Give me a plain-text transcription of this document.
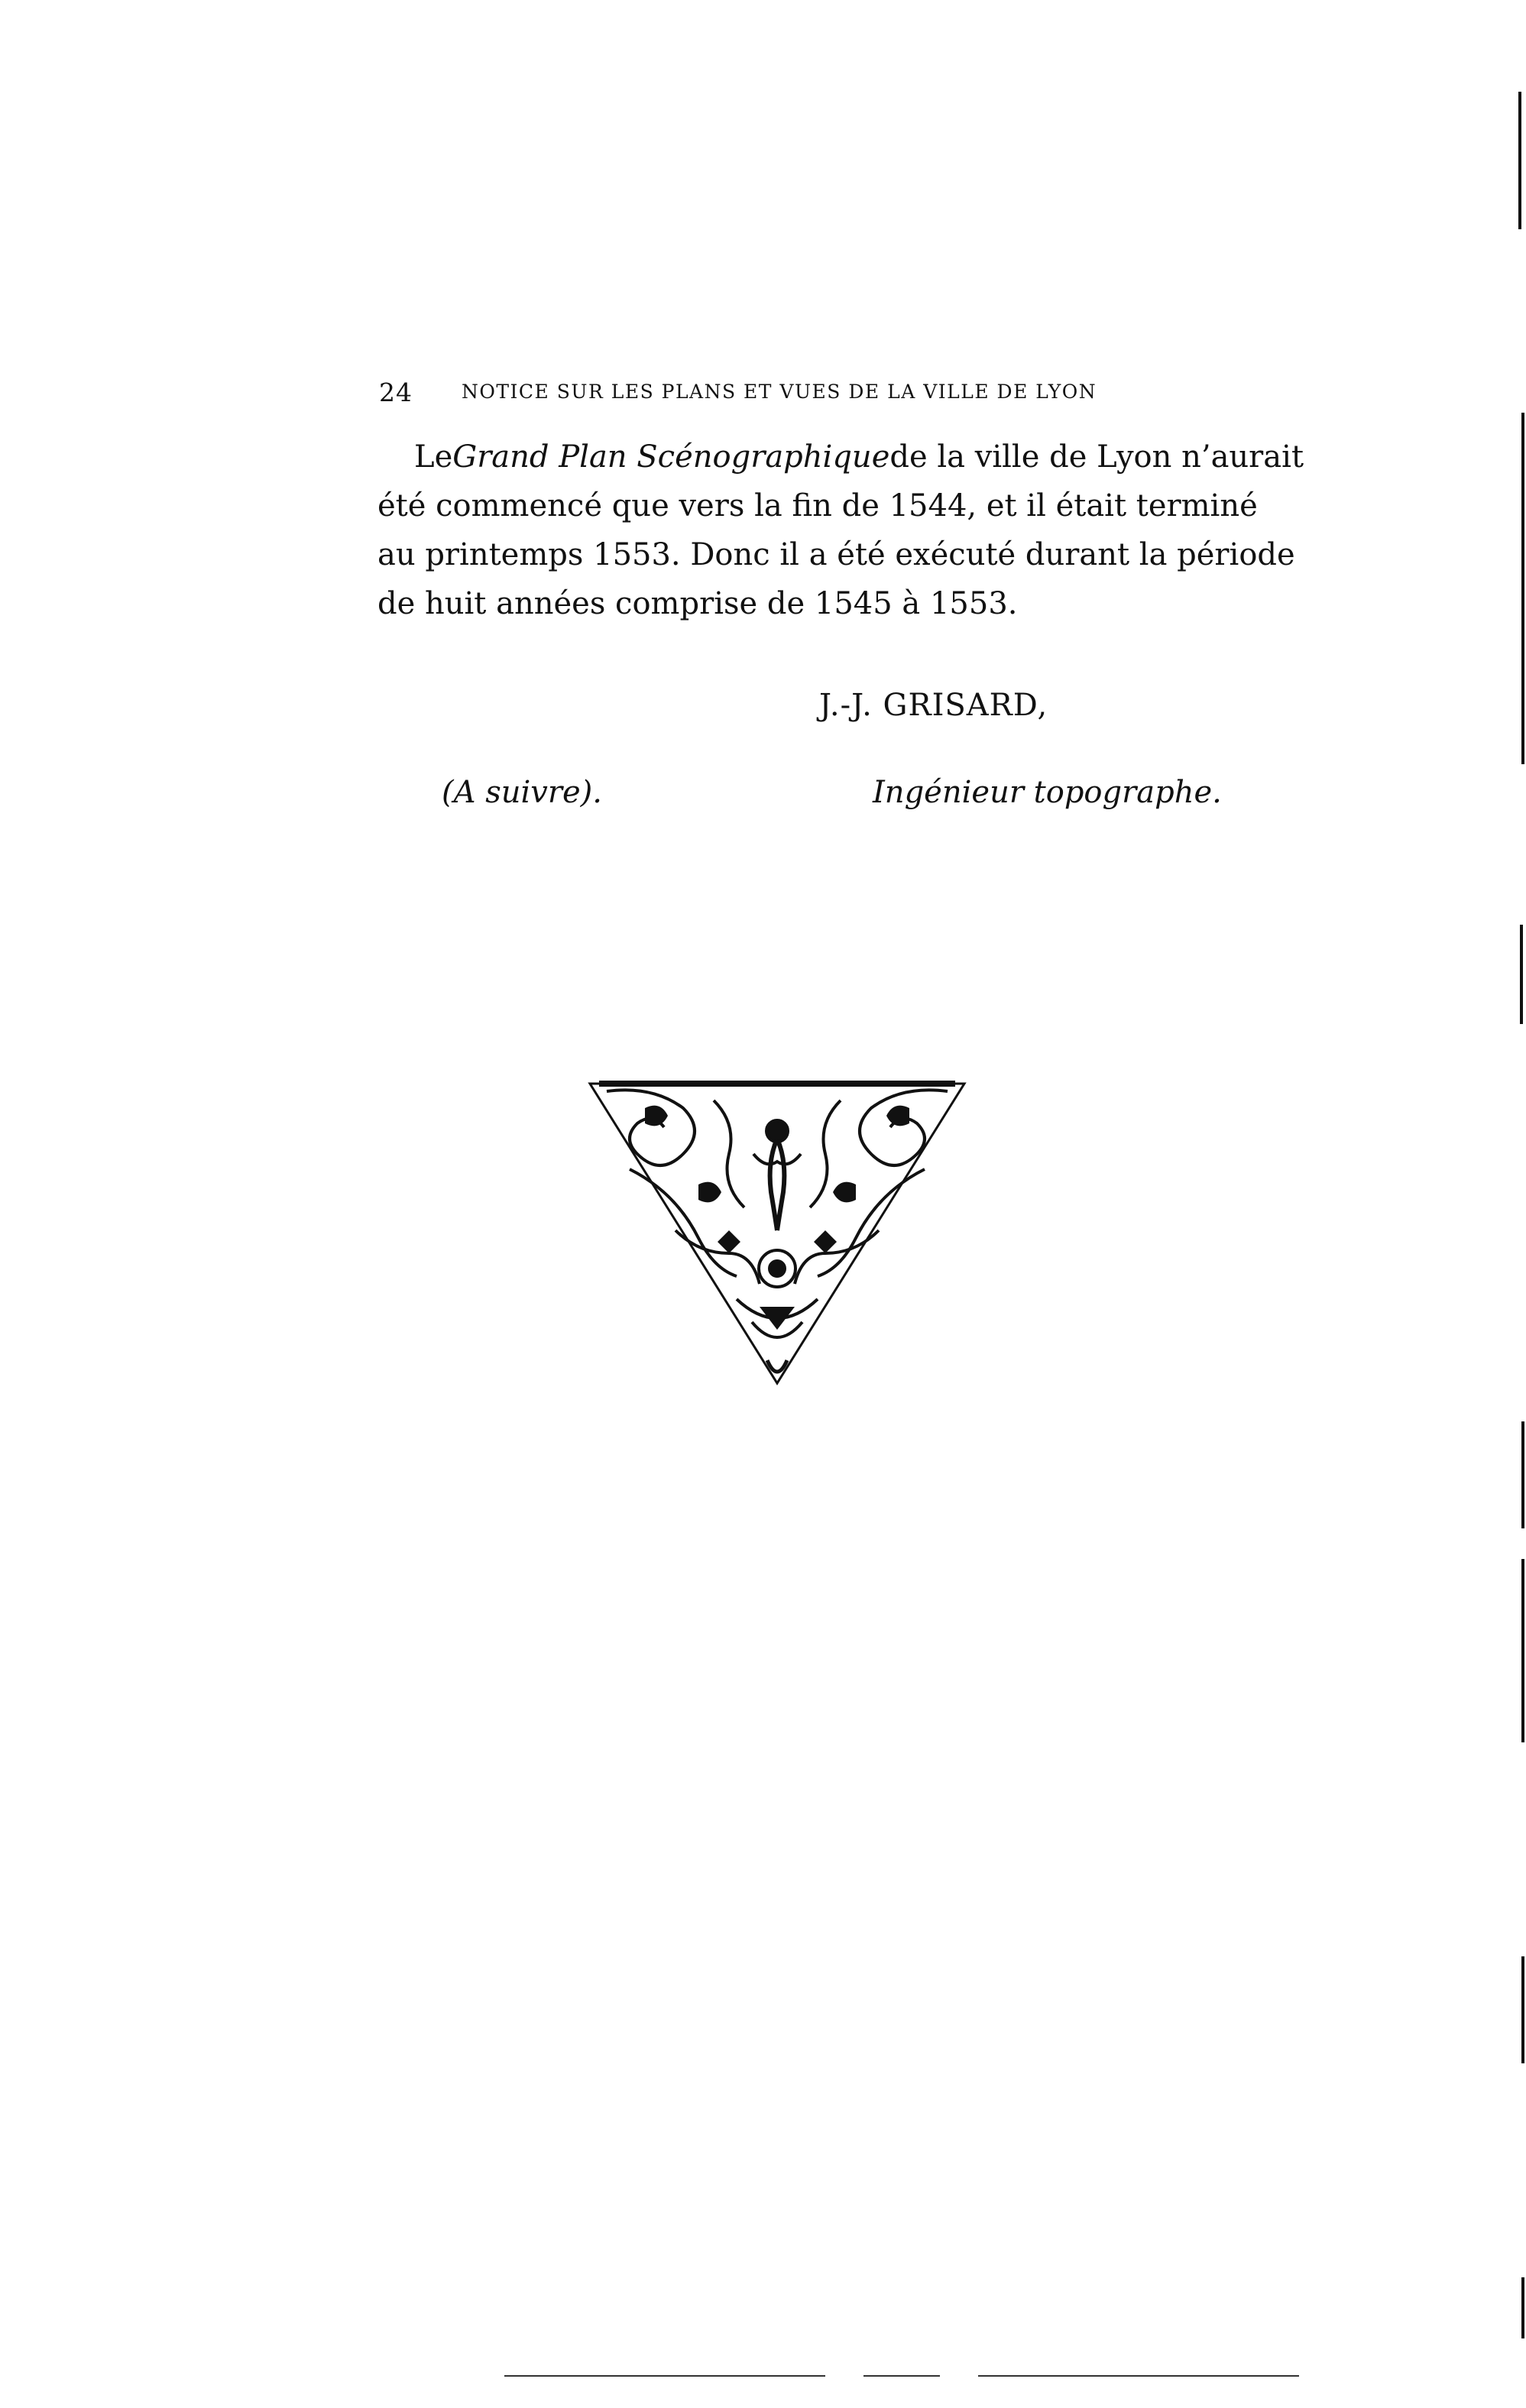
24	NOTICE SUR LES PLANS ET VUES DE LA VILLE DE LYON
Le Grand Plan Scénographique de la ville de Lyon n’aurait
été commencé que vers la fin de 1544, et il était terminé
au printemps 1553. Donc il a été exécuté durant la période
de huit années comprise de 1545 à 1553.
J.-J. GRISARD,
(A suivre).	Ingénieur topographe.
